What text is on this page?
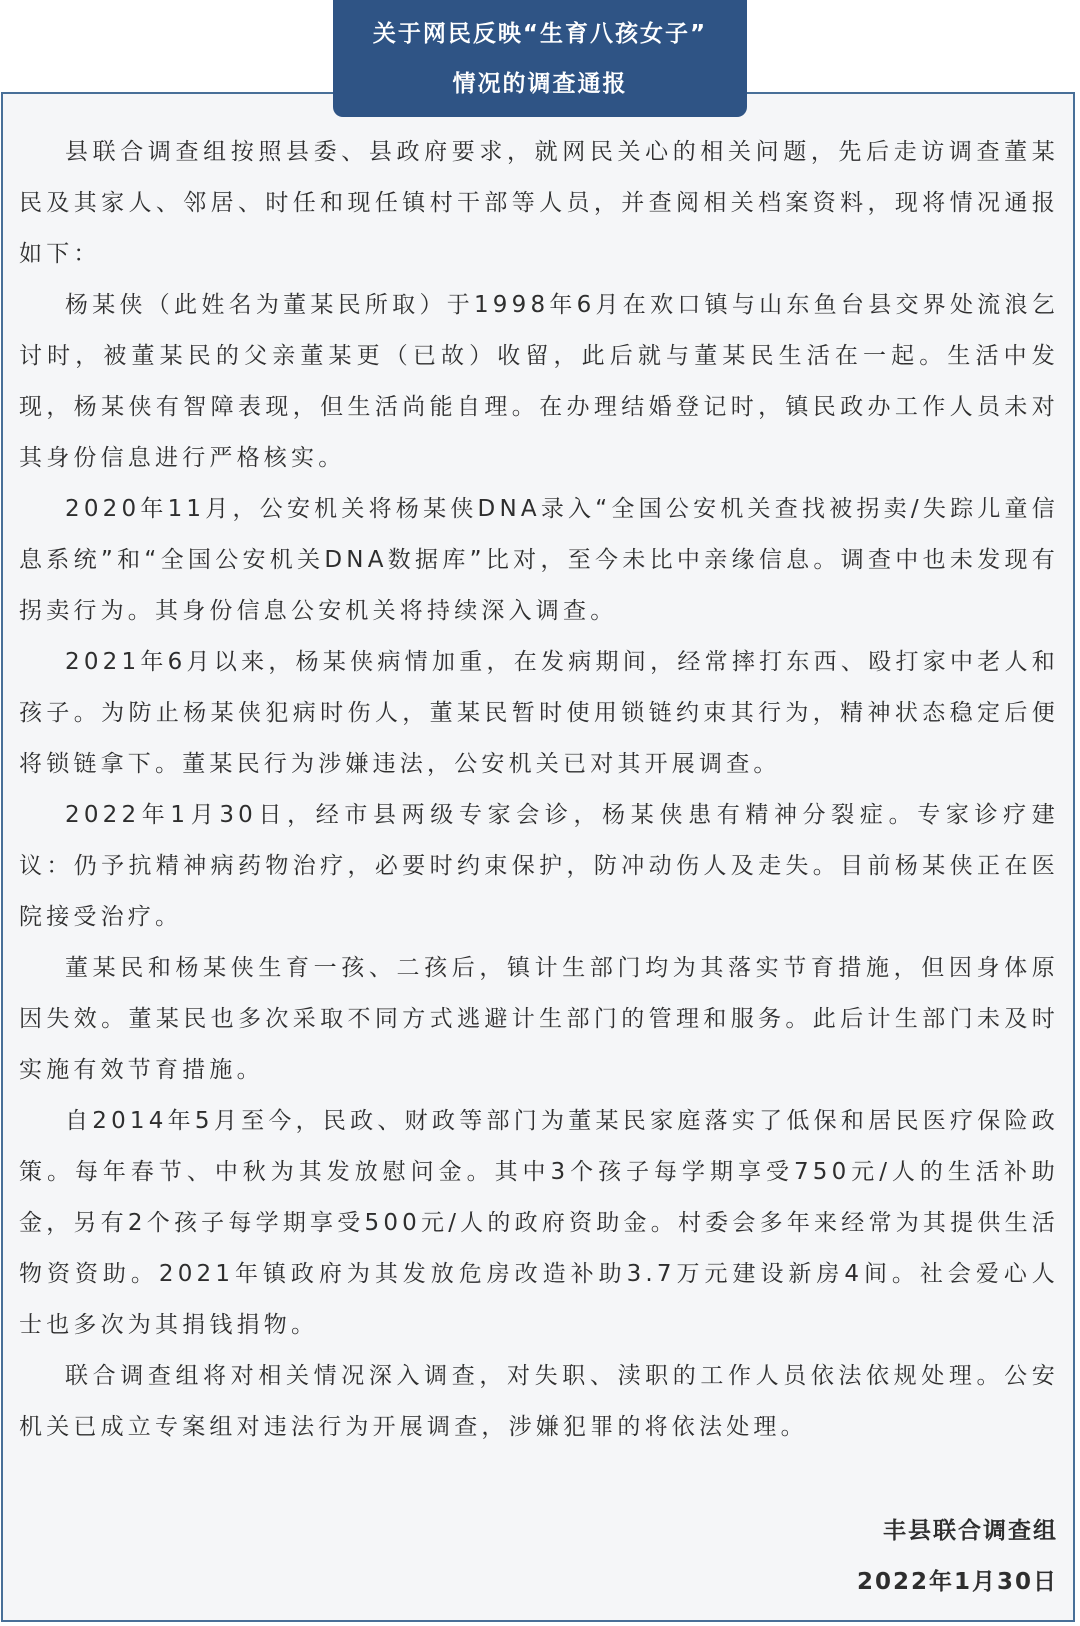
关于网民反映“生育八孩女子”
情况的调查通报

县联合调查组按照县委、县政府要求，就网民关心的相关问题，先后走访调查董某民及其家人、邻居、时任和现任镇村干部等人员，并查阅相关档案资料，现将情况通报如下：

杨某侠（此姓名为董某民所取）于1998年6月在欢口镇与山东鱼台县交界处流浪乞讨时，被董某民的父亲董某更（已故）收留，此后就与董某民生活在一起。生活中发现，杨某侠有智障表现，但生活尚能自理。在办理结婚登记时，镇民政办工作人员未对其身份信息进行严格核实。

2020年11月，公安机关将杨某侠DNA录入“全国公安机关查找被拐卖/失踪儿童信息系统”和“全国公安机关DNA数据库”比对，至今未比中亲缘信息。调查中也未发现有拐卖行为。其身份信息公安机关将持续深入调查。

2021年6月以来，杨某侠病情加重，在发病期间，经常摔打东西、殴打家中老人和孩子。为防止杨某侠犯病时伤人，董某民暂时使用锁链约束其行为，精神状态稳定后便将锁链拿下。董某民行为涉嫌违法，公安机关已对其开展调查。

2022年1月30日，经市县两级专家会诊，杨某侠患有精神分裂症。专家诊疗建议：仍予抗精神病药物治疗，必要时约束保护，防冲动伤人及走失。目前杨某侠正在医院接受治疗。

董某民和杨某侠生育一孩、二孩后，镇计生部门均为其落实节育措施，但因身体原因失效。董某民也多次采取不同方式逃避计生部门的管理和服务。此后计生部门未及时实施有效节育措施。

自2014年5月至今，民政、财政等部门为董某民家庭落实了低保和居民医疗保险政策。每年春节、中秋为其发放慰问金。其中3个孩子每学期享受750元/人的生活补助金，另有2个孩子每学期享受500元/人的政府资助金。村委会多年来经常为其提供生活物资资助。2021年镇政府为其发放危房改造补助3.7万元建设新房4间。社会爱心人士也多次为其捐钱捐物。

联合调查组将对相关情况深入调查，对失职、渎职的工作人员依法依规处理。公安机关已成立专案组对违法行为开展调查，涉嫌犯罪的将依法处理。

丰县联合调查组
2022年1月30日
